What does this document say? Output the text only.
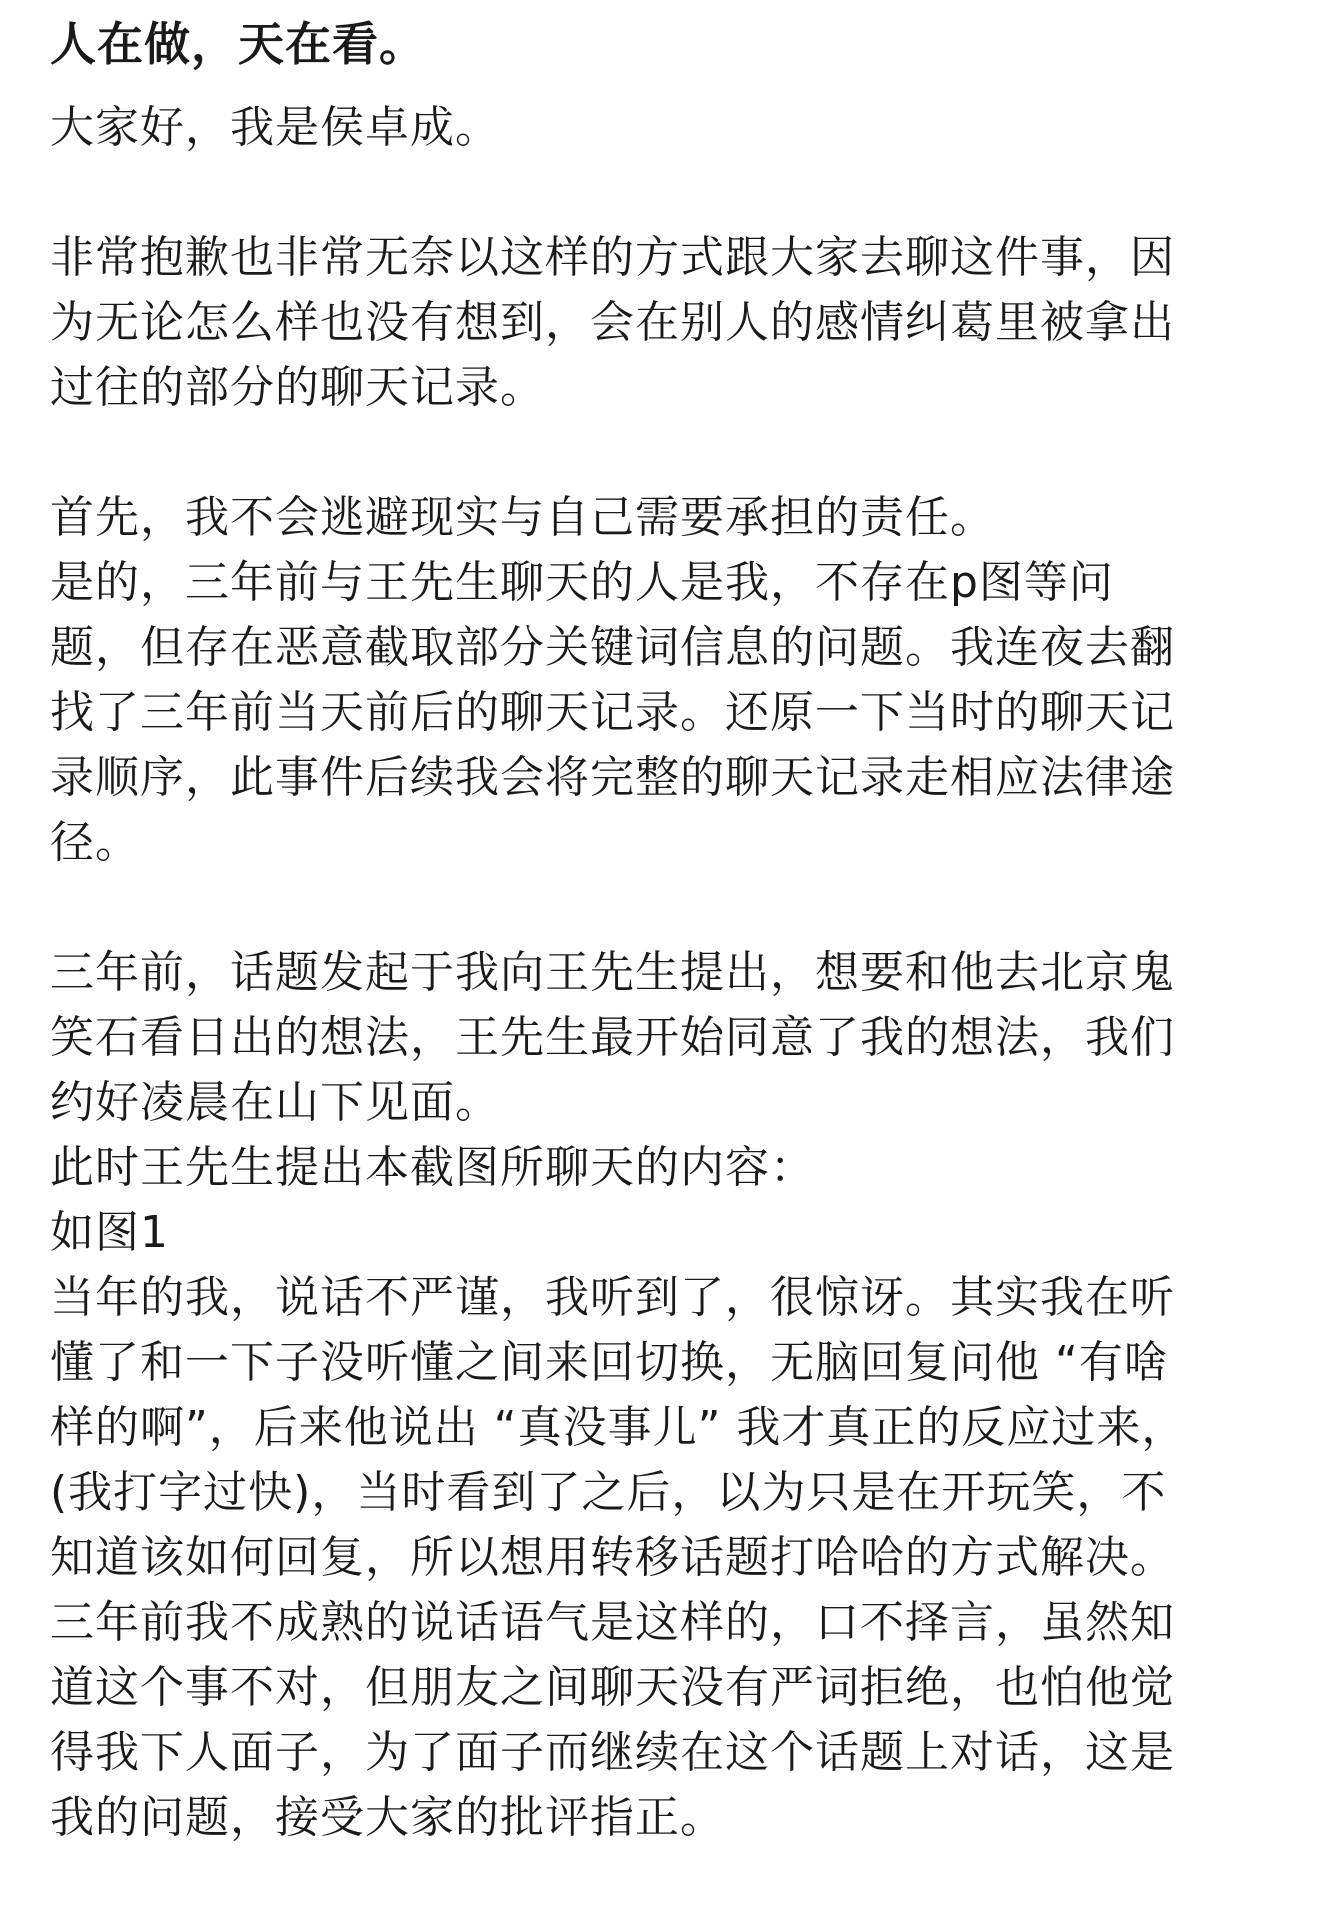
人在做，天在看。
大家好，我是侯卓成。
非常抱歉也非常无奈以这样的方式跟大家去聊这件事，因
为无论怎么样也没有想到，会在别人的感情纠葛里被拿出
过往的部分的聊天记录。
首先，我不会逃避现实与自己需要承担的责任。
是的，三年前与王先生聊天的人是我，不存在p图等问
题，但存在恶意截取部分关键词信息的问题。我连夜去翻
找了三年前当天前后的聊天记录。还原一下当时的聊天记
录顺序，此事件后续我会将完整的聊天记录走相应法律途
径。
三年前，话题发起于我向王先生提出，想要和他去北京鬼
笑石看日出的想法，王先生最开始同意了我的想法，我们
约好凌晨在山下见面。
此时王先生提出本截图所聊天的内容：
如图1
当年的我，说话不严谨，我听到了，很惊讶。其实我在听
懂了和一下子没听懂之间来回切换，无脑回复问他 “有啥
样的啊”，后来他说出 “真没事儿” 我才真正的反应过来，
(我打字过快)，当时看到了之后，以为只是在开玩笑，不
知道该如何回复，所以想用转移话题打哈哈的方式解决。
三年前我不成熟的说话语气是这样的，口不择言，虽然知
道这个事不对，但朋友之间聊天没有严词拒绝，也怕他觉
得我下人面子，为了面子而继续在这个话题上对话，这是
我的问题，接受大家的批评指正。
